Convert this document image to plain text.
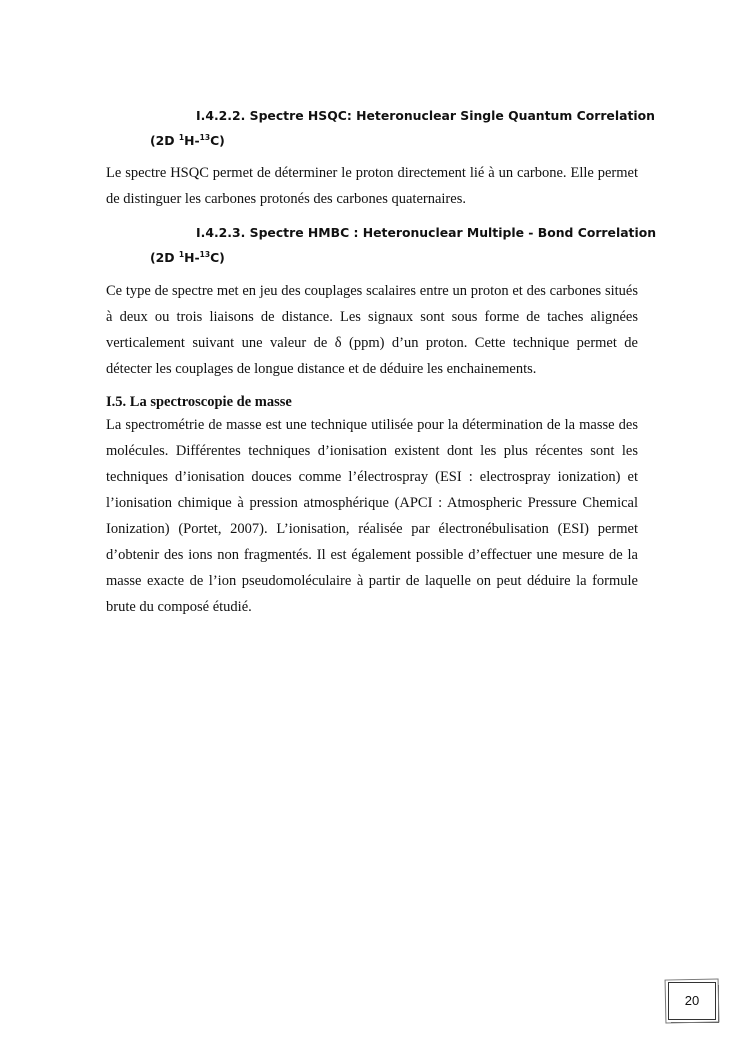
I.4.2.2. Spectre HSQC: Heteronuclear Single Quantum Correlation
(2D $^1$H-$^{13}$C)

Le spectre HSQC permet de déterminer le proton directement lié à un carbone. Elle permet de distinguer les carbones protonés des carbones quaternaires.

I.4.2.3. Spectre HMBC : Heteronuclear Multiple - Bond Correlation
(2D $^1$H-$^{13}$C)

Ce type de spectre met en jeu des couplages scalaires entre un proton et des carbones situés à deux ou trois liaisons de distance. Les signaux sont sous forme de taches alignées verticalement suivant une valeur de δ (ppm) d’un proton. Cette technique permet de détecter les couplages de longue distance et de déduire les enchainements.

I.5. La spectroscopie de masse

La spectrométrie de masse est une technique utilisée pour la détermination de la masse des molécules. Différentes techniques d’ionisation existent dont les plus récentes sont les techniques d’ionisation douces comme l’électrospray (ESI : electrospray ionization) et l’ionisation chimique à pression atmosphérique (APCI : Atmospheric Pressure Chemical Ionization) (Portet, 2007). L’ionisation, réalisée par électronébulisation (ESI) permet d’obtenir des ions non fragmentés. Il est également possible d’effectuer une mesure de la masse exacte de l’ion pseudomoléculaire à partir de laquelle on peut déduire la formule brute du composé étudié.

20
